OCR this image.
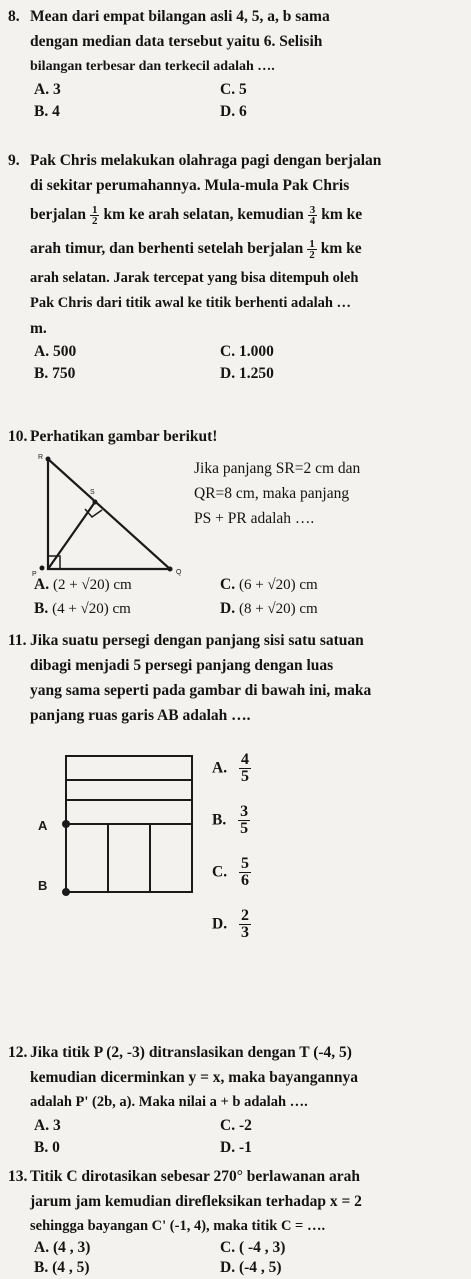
8. Mean dari empat bilangan asli 4, 5, a, b sama

dengan median data tersebut yaitu 6. Selisih

bilangan terbesar dan terkecil adalah ….

A. 3	C. 5
B. 4	D. 6

9. Pak Chris melakukan olahraga pagi dengan berjalan

di sekitar perumahannya. Mula-mula Pak Chris

berjalan $\frac{1}{2}$ km ke arah selatan, kemudian $\frac{3}{4}$ km ke

arah timur, dan berhenti setelah berjalan $\frac{1}{2}$ km ke

arah selatan. Jarak tercepat yang bisa ditempuh oleh

Pak Chris dari titik awal ke titik berhenti adalah …

m.

A. 500	C. 1.000
B. 750	D. 1.250

10. Perhatikan gambar berikut!

R
S
P	Q
Jika panjang SR=2 cm dan
QR=8 cm, maka panjang
PS + PR adalah ….
A. (2 + √20) cm	C. (6 + √20) cm
B. (4 + √20) cm	D. (8 + √20) cm

11. Jika suatu persegi dengan panjang sisi satu satuan

dibagi menjadi 5 persegi panjang dengan luas

yang sama seperti pada gambar di bawah ini, maka

panjang ruas garis AB adalah ….

A
B
A. $\frac{4}{5}$
B. $\frac{3}{5}$
C. $\frac{5}{6}$
D. $\frac{2}{3}$

12. Jika titik P (2, -3) ditranslasikan dengan T (-4, 5)

kemudian dicerminkan y = x, maka bayangannya

adalah P' (2b, a). Maka nilai a + b adalah ….

A. 3	C. -2
B. 0	D. -1

13. Titik C dirotasikan sebesar 270° berlawanan arah

jarum jam kemudian direfleksikan terhadap x = 2

sehingga bayangan C' (-1, 4), maka titik C = ….

A. (4 , 3)	C. ( -4 , 3)
B. (4 , 5)	D. (-4 , 5)
